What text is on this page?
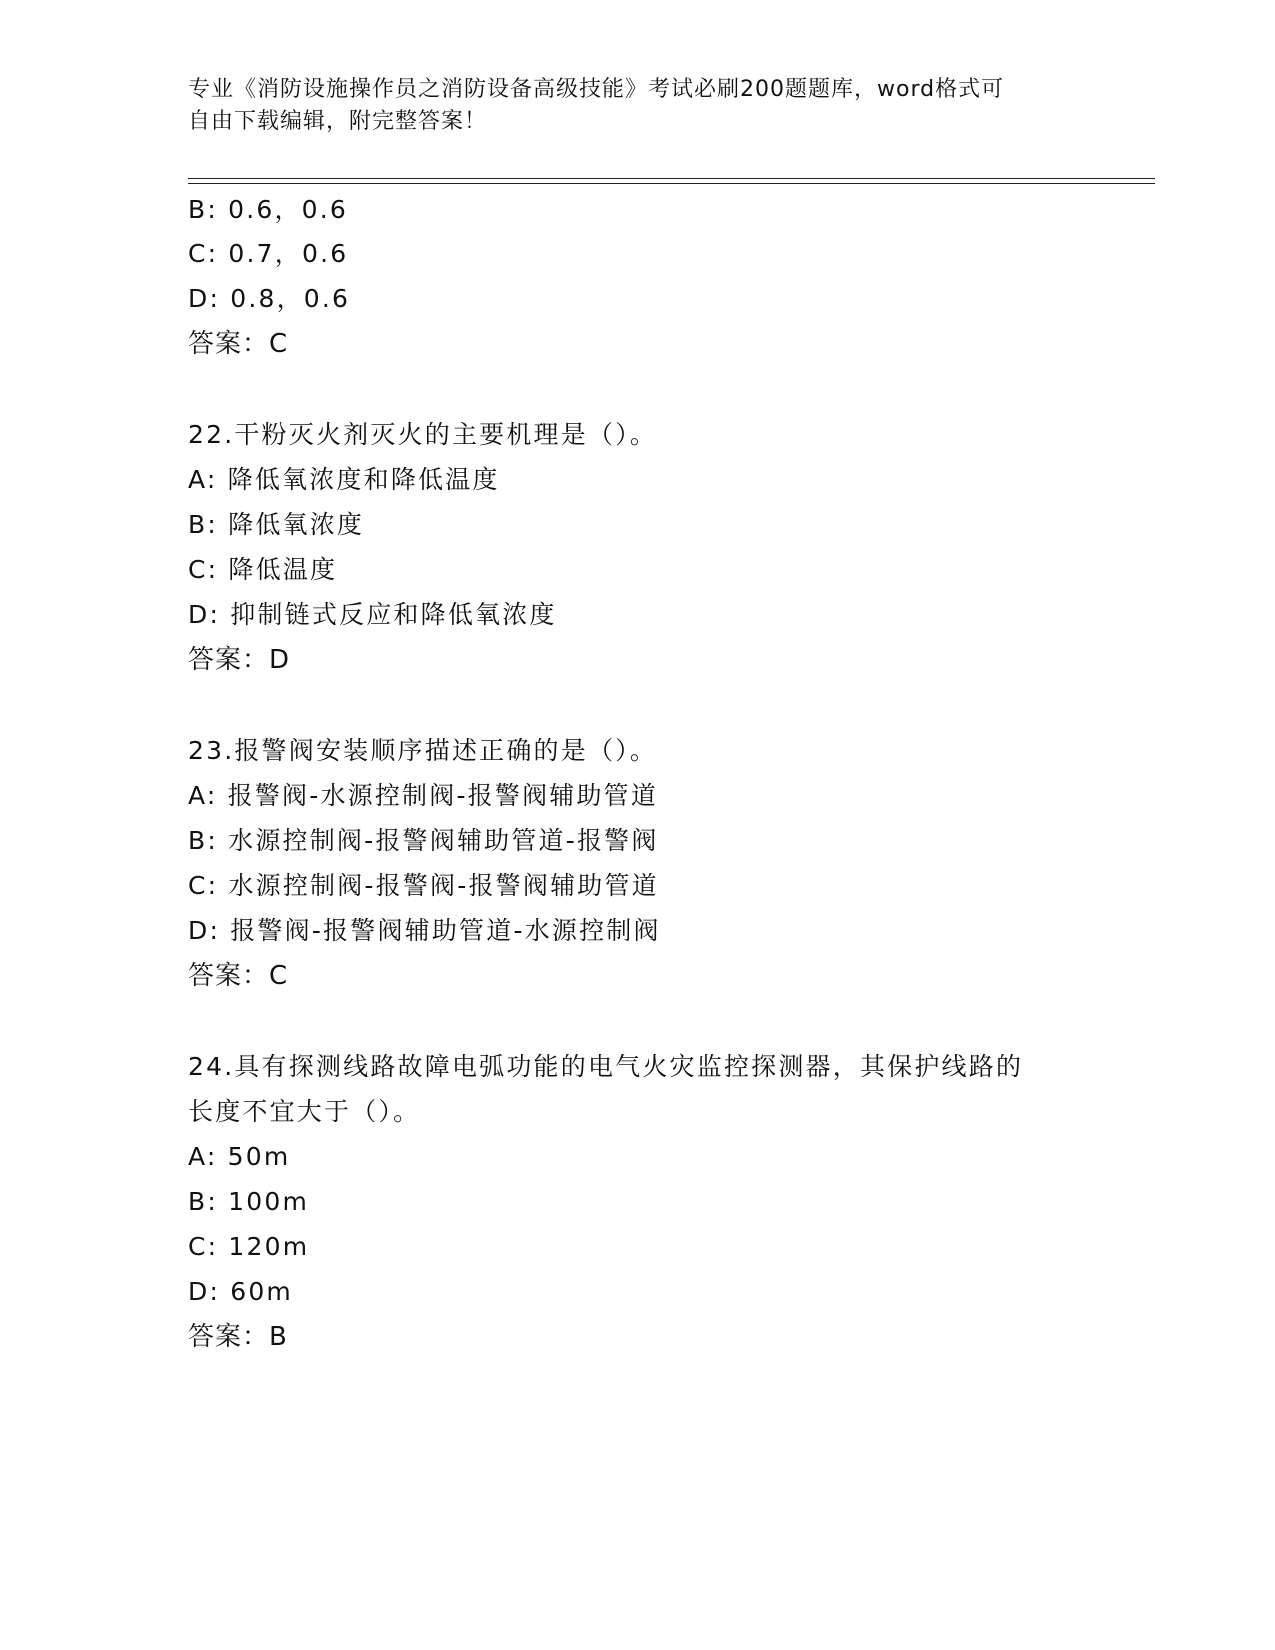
专业《消防设施操作员之消防设备高级技能》考试必刷200题题库，word格式可
自由下载编辑，附完整答案！
B: 0.6，0.6
C: 0.7，0.6
D: 0.8，0.6
答案：C
22.干粉灭火剂灭火的主要机理是（）。
A: 降低氧浓度和降低温度
B: 降低氧浓度
C: 降低温度
D: 抑制链式反应和降低氧浓度
答案：D
23.报警阀安装顺序描述正确的是（）。
A: 报警阀-水源控制阀-报警阀辅助管道
B: 水源控制阀-报警阀辅助管道-报警阀
C: 水源控制阀-报警阀-报警阀辅助管道
D: 报警阀-报警阀辅助管道-水源控制阀
答案：C
24.具有探测线路故障电弧功能的电气火灾监控探测器，其保护线路的
长度不宜大于（）。
A: 50m
B: 100m
C: 120m
D: 60m
答案：B
